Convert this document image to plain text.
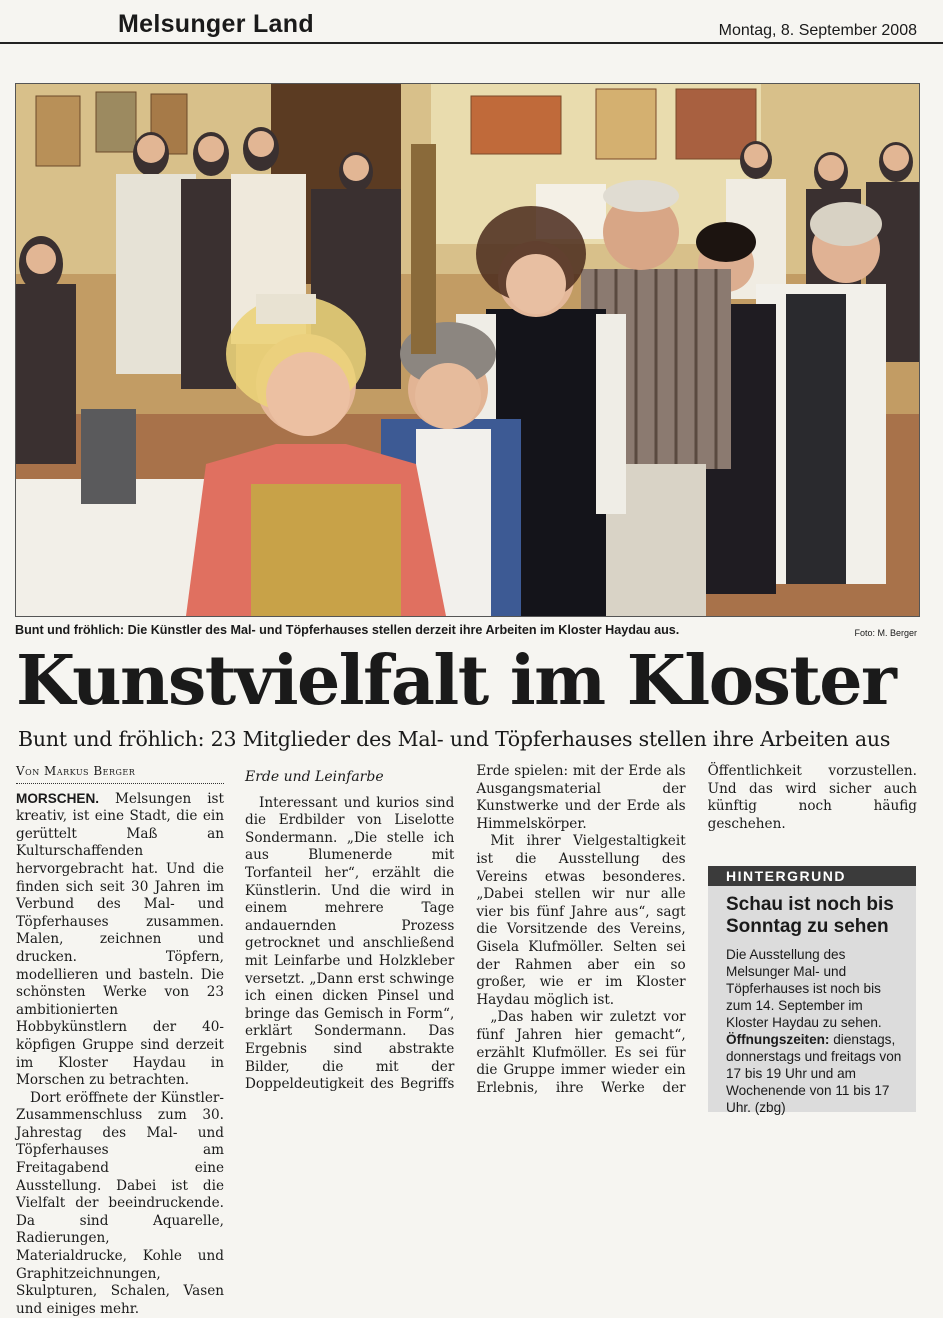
Melsunger Land	Montag, 8. September 2008
Bunt und fröhlich: Die Künstler des Mal- und Töpferhauses stellen derzeit ihre Arbeiten im Kloster Haydau aus.	Foto: M. Berger
Kunstvielfalt im Kloster
Bunt und fröhlich: 23 Mitglieder des Mal- und Töpferhauses stellen ihre Arbeiten aus
Von Markus Berger

MORSCHEN. Melsungen ist kreativ, ist eine Stadt, die ein gerüttelt Maß an Kulturschaffenden hervorgebracht hat. Und die finden sich seit 30 Jahren im Verbund des Mal- und Töpferhauses zusammen. Malen, zeichnen und drucken. Töpfern, modellieren und basteln. Die schönsten Werke von 23 ambitionierten Hobbykünstlern der 40-köpfigen Gruppe sind derzeit im Kloster Haydau in Morschen zu betrachten.

Dort eröffnete der Künstler-Zusammenschluss zum 30. Jahrestag des Mal- und Töpferhauses am Freitagabend eine Ausstellung. Dabei ist die Vielfalt der beeindruckende. Da sind Aquarelle, Radierungen, Materialdrucke, Kohle und Graphitzeichnungen, Skulpturen, Schalen, Vasen und einiges mehr.

HINTERGRUND
Schau ist noch bis Sonntag zu sehen
Die Ausstellung des Melsunger Mal- und Töpferhauses ist noch bis zum 14. September im Kloster Haydau zu sehen. Öffnungszeiten: dienstags, donnerstags und freitags von 17 bis 19 Uhr und am Wochenende von 11 bis 17 Uhr. (zbg)
Erde und Leinfarbe

Interessant und kurios sind die Erdbilder von Liselotte Sondermann. „Die stelle ich aus Blumenerde mit Torfanteil her“, erzählt die Künstlerin. Und die wird in einem mehrere Tage andauernden Prozess getrocknet und anschließend mit Leinfarbe und Holzkleber versetzt. „Dann erst schwinge ich einen dicken Pinsel und bringe das Gemisch in Form“, erklärt Sondermann. Das Ergebnis sind abstrakte Bilder, die mit der Doppeldeutigkeit des Begriffs Erde spielen: mit der Erde als Ausgangsmaterial der Kunstwerke und der Erde als Himmelskörper.

Mit ihrer Vielgestaltigkeit ist die Ausstellung des Vereins etwas besonderes. „Dabei stellen wir nur alle vier bis fünf Jahre aus“, sagt die Vorsitzende des Vereins, Gisela Klufmöller. Selten sei der Rahmen aber ein so großer, wie er im Kloster Haydau möglich ist.

„Das haben wir zuletzt vor fünf Jahren hier gemacht“, erzählt Klufmöller. Es sei für die Gruppe immer wieder ein Erlebnis, ihre Werke der Öffentlichkeit vorzustellen. Und das wird sicher auch künftig noch häufig geschehen.
